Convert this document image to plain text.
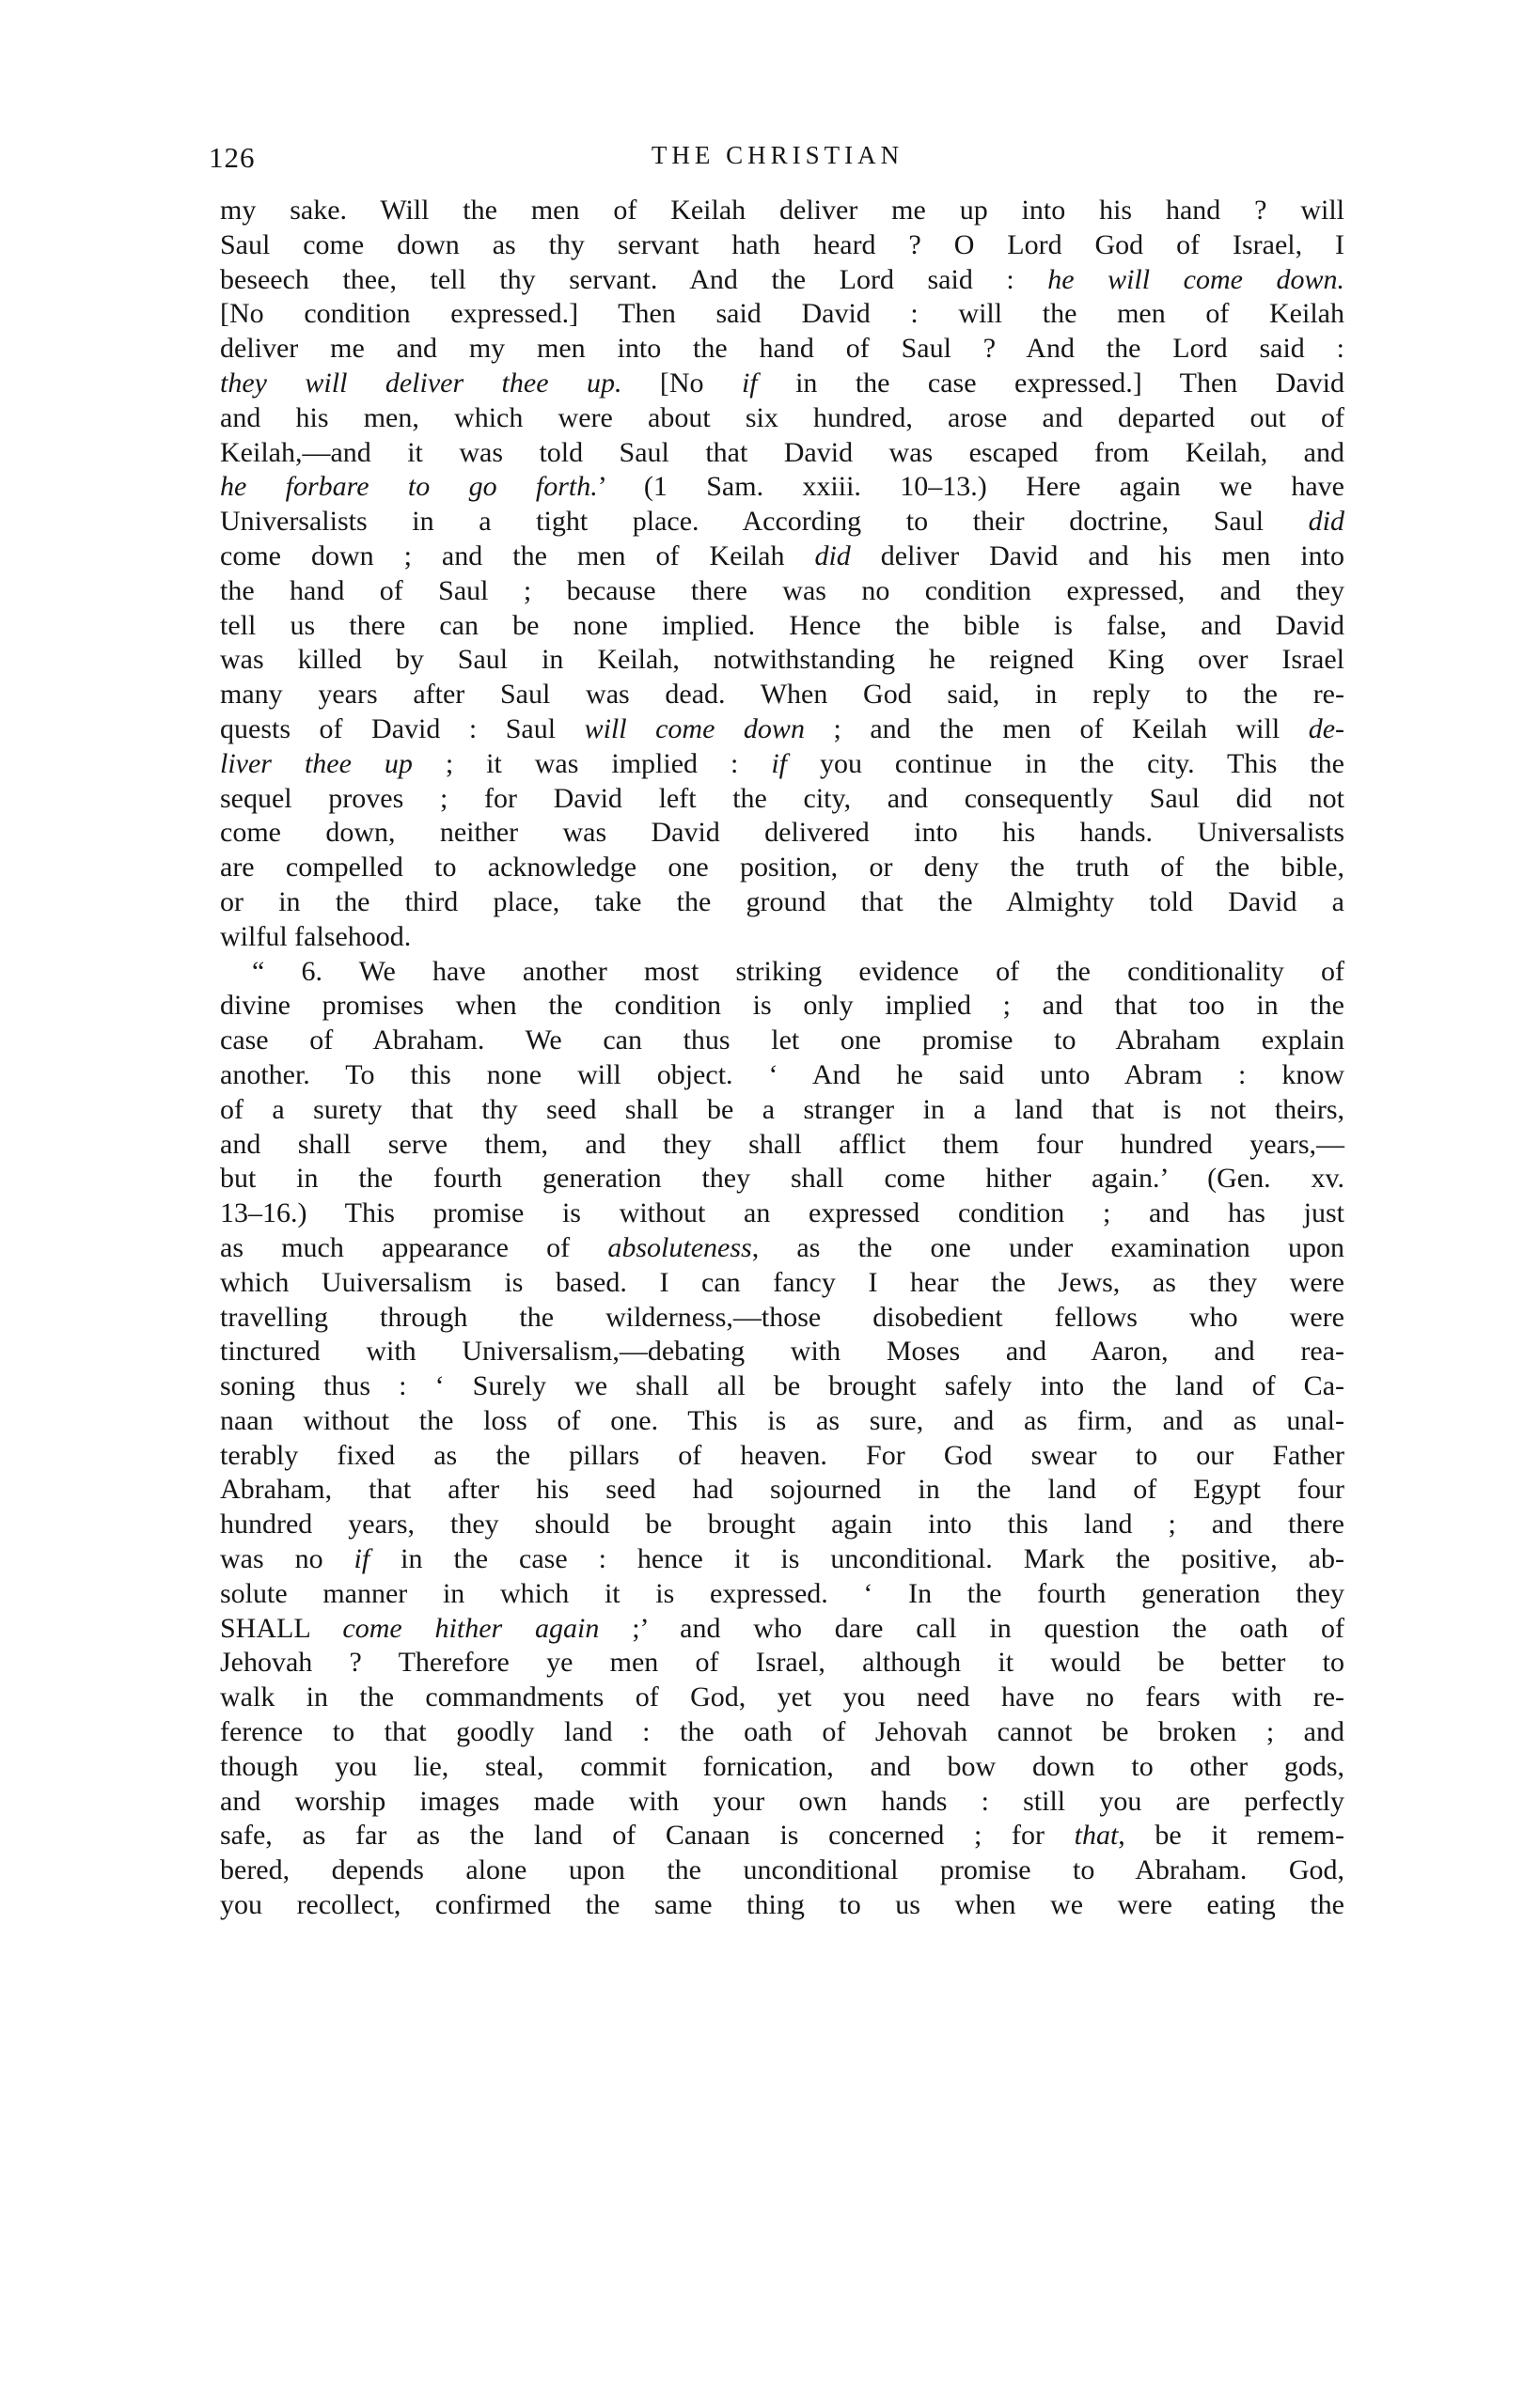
126	THE CHRISTIAN
my sake. Will the men of Keilah deliver me up into his hand ? will
Saul come down as thy servant hath heard ? O Lord God of Israel, I
beseech thee, tell thy servant. And the Lord said : he will come down.
[No condition expressed.] Then said David : will the men of Keilah
deliver me and my men into the hand of Saul ? And the Lord said :
they will deliver thee up. [No if in the case expressed.] Then David
and his men, which were about six hundred, arose and departed out of
Keilah,—and it was told Saul that David was escaped from Keilah, and
he forbare to go forth.’ (1 Sam. xxiii. 10–13.) Here again we have
Universalists in a tight place. According to their doctrine, Saul did
come down ; and the men of Keilah did deliver David and his men into
the hand of Saul ; because there was no condition expressed, and they
tell us there can be none implied. Hence the bible is false, and David
was killed by Saul in Keilah, notwithstanding he reigned King over Israel
many years after Saul was dead. When God said, in reply to the re-
quests of David : Saul will come down ; and the men of Keilah will de-
liver thee up ; it was implied : if you continue in the city. This the
sequel proves ; for David left the city, and consequently Saul did not
come down, neither was David delivered into his hands. Universalists
are compelled to acknowledge one position, or deny the truth of the bible,
or in the third place, take the ground that the Almighty told David a
wilful falsehood.
“ 6. We have another most striking evidence of the conditionality of
divine promises when the condition is only implied ; and that too in the
case of Abraham. We can thus let one promise to Abraham explain
another. To this none will object. ‘ And he said unto Abram : know
of a surety that thy seed shall be a stranger in a land that is not theirs,
and shall serve them, and they shall afflict them four hundred years,—
but in the fourth generation they shall come hither again.’ (Gen. xv.
13–16.) This promise is without an expressed condition ; and has just
as much appearance of absoluteness, as the one under examination upon
which Uuiversalism is based. I can fancy I hear the Jews, as they were
travelling through the wilderness,—those disobedient fellows who were
tinctured with Universalism,—debating with Moses and Aaron, and rea-
soning thus : ‘ Surely we shall all be brought safely into the land of Ca-
naan without the loss of one. This is as sure, and as firm, and as unal-
terably fixed as the pillars of heaven. For God swear to our Father
Abraham, that after his seed had sojourned in the land of Egypt four
hundred years, they should be brought again into this land ; and there
was no if in the case : hence it is unconditional. Mark the positive, ab-
solute manner in which it is expressed. ‘ In the fourth generation they
SHALL come hither again ;’ and who dare call in question the oath of
Jehovah ? Therefore ye men of Israel, although it would be better to
walk in the commandments of God, yet you need have no fears with re-
ference to that goodly land : the oath of Jehovah cannot be broken ; and
though you lie, steal, commit fornication, and bow down to other gods,
and worship images made with your own hands : still you are perfectly
safe, as far as the land of Canaan is concerned ; for that, be it remem-
bered, depends alone upon the unconditional promise to Abraham. God,
you recollect, confirmed the same thing to us when we were eating the
